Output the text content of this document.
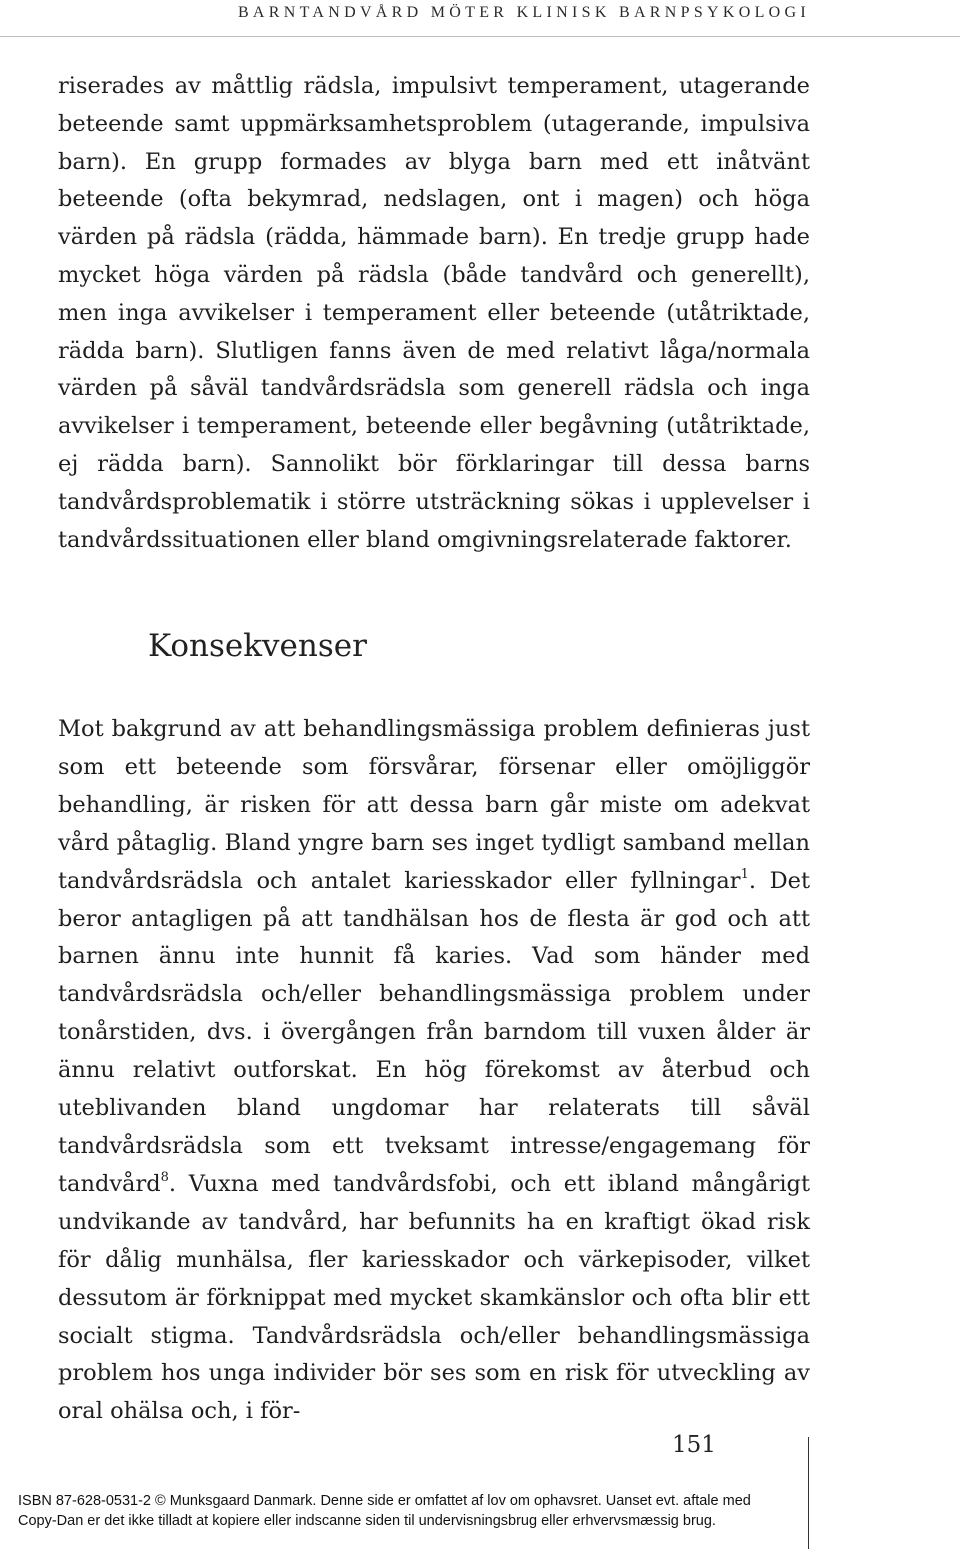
BARNTANDVÅRD MÖTER KLINISK BARNPSYKOLOGI

riserades av måttlig rädsla, impulsivt temperament, utagerande beteende samt uppmärksamhetsproblem (utagerande, impulsiva barn). En grupp formades av blyga barn med ett inåtvänt beteende (ofta bekymrad, nedslagen, ont i magen) och höga värden på rädsla (rädda, hämmade barn). En tredje grupp hade mycket höga värden på rädsla (både tandvård och generellt), men inga avvikelser i temperament eller beteende (utåtriktade, rädda barn). Slutligen fanns även de med relativt låga/normala värden på såväl tandvårdsrädsla som generell rädsla och inga avvikelser i temperament, beteende eller begåvning (utåtriktade, ej rädda barn). Sannolikt bör förklaringar till dessa barns tandvårdsproblematik i större utsträckning sökas i upplevelser i tandvårdssituationen eller bland omgivningsrelaterade faktorer.

Konsekvenser

Mot bakgrund av att behandlingsmässiga problem definieras just som ett beteende som försvårar, försenar eller omöjliggör behandling, är risken för att dessa barn går miste om adekvat vård påtaglig. Bland yngre barn ses inget tydligt samband mellan tandvårdsrädsla och antalet kariesskador eller fyllningar$^1$. Det beror antagligen på att tandhälsan hos de flesta är god och att barnen ännu inte hunnit få karies. Vad som händer med tandvårdsrädsla och/eller behandlingsmässiga problem under tonårstiden, dvs. i övergången från barndom till vuxen ålder är ännu relativt outforskat. En hög förekomst av återbud och uteblivanden bland ungdomar har relaterats till såväl tandvårdsrädsla som ett tveksamt intresse/engagemang för tandvård$^8$. Vuxna med tandvårdsfobi, och ett ibland mångårigt undvikande av tandvård, har befunnits ha en kraftigt ökad risk för dålig munhälsa, fler kariesskador och värkepisoder, vilket dessutom är förknippat med mycket skamkänslor och ofta blir ett socialt stigma. Tandvårdsrädsla och/eller behandlingsmässiga problem hos unga individer bör ses som en risk för utveckling av oral ohälsa och, i för-

151
ISBN 87-628-0531-2 © Munksgaard Danmark. Denne side er omfattet af lov om ophavsret. Uanset evt. aftale med
Copy-Dan er det ikke tilladt at kopiere eller indscanne siden til undervisningsbrug eller erhvervsmæssig brug.
